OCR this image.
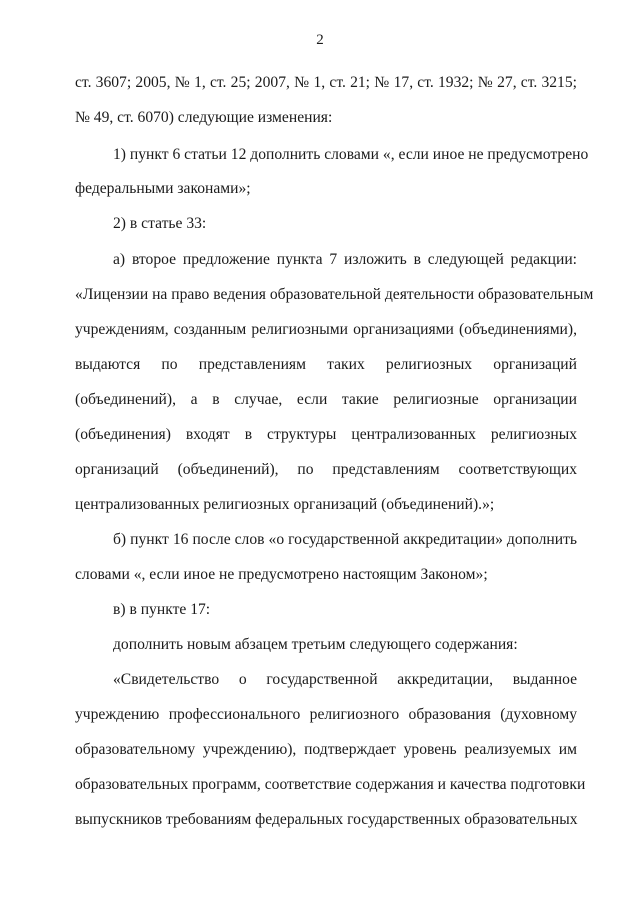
2
ст. 3607; 2005, № 1, ст. 25; 2007, № 1, ст. 21; № 17, ст. 1932; № 27, ст. 3215;
№ 49, ст. 6070) следующие изменения:
1) пункт 6 статьи 12 дополнить словами «, если иное не предусмотрено
федеральными законами»;
2) в статье 33:
а) второе предложение пункта 7 изложить в следующей редакции:
«Лицензии на право ведения образовательной деятельности образовательным
учреждениям, созданным религиозными организациями (объединениями),
выдаются по представлениям таких религиозных организаций
(объединений), а в случае, если такие религиозные организации
(объединения) входят в структуры централизованных религиозных
организаций (объединений), по представлениям соответствующих
централизованных религиозных организаций (объединений).»;
б) пункт 16 после слов «о государственной аккредитации» дополнить
словами «, если иное не предусмотрено настоящим Законом»;
в) в пункте 17:
дополнить новым абзацем третьим следующего содержания:
«Свидетельство о государственной аккредитации, выданное
учреждению профессионального религиозного образования (духовному
образовательному учреждению), подтверждает уровень реализуемых им
образовательных программ, соответствие содержания и качества подготовки
выпускников требованиям федеральных государственных образовательных
